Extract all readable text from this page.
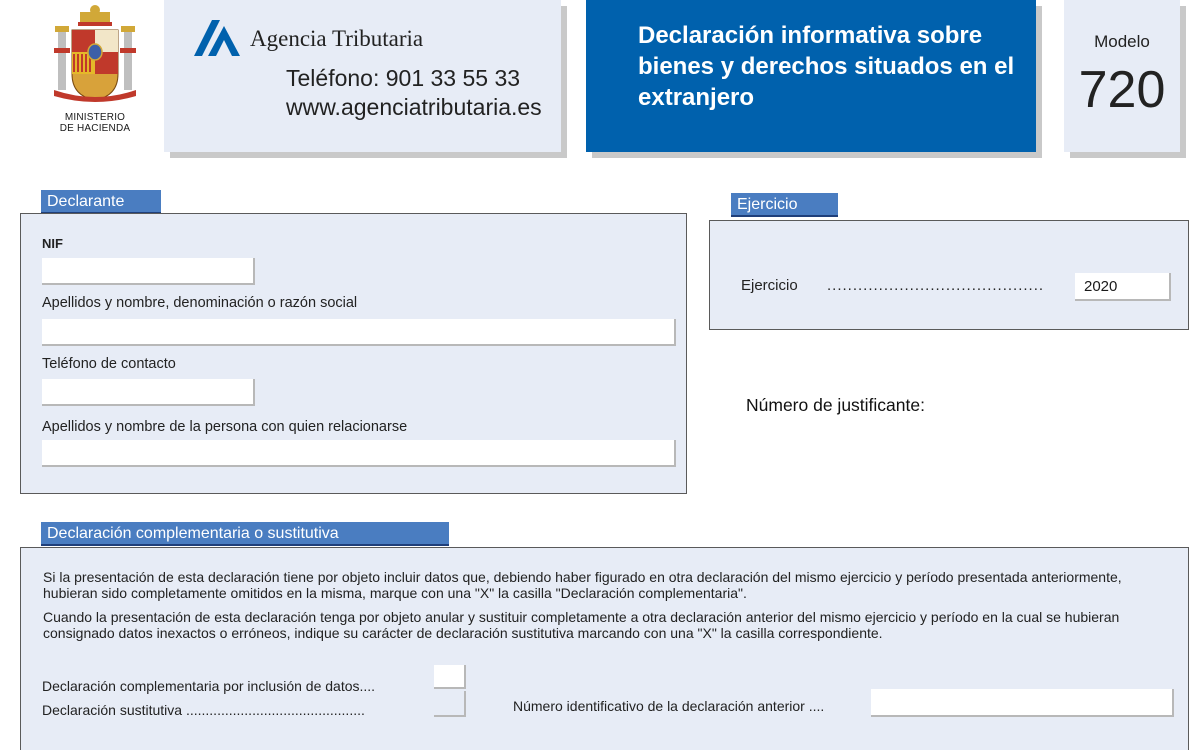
MINISTERIO
DE HACIENDA
Agencia Tributaria
Teléfono: 901 33 55 33
www.agenciatributaria.es
Declaración informativa sobre bienes y derechos situados en el extranjero
Modelo
720
Declarante
NIF
Apellidos y nombre, denominación o razón social
Teléfono de contacto
Apellidos y nombre de la persona con quien relacionarse
Ejercicio
Ejercicio ..........................................	2020
Número de justificante:
Declaración complementaria o sustitutiva
Si la presentación de esta declaración tiene por objeto incluir datos que, debiendo haber figurado en otra declaración del mismo ejercicio y período presentada anteriormente, hubieran sido completamente omitidos en la misma, marque con una "X" la casilla "Declaración complementaria".
Cuando la presentación de esta declaración tenga por objeto anular y sustituir completamente a otra declaración anterior del mismo ejercicio y período en la cual se hubieran consignado datos inexactos o erróneos, indique su carácter de declaración sustitutiva marcando con una "X" la casilla correspondiente.
Declaración complementaria por inclusión de datos....
Declaración sustitutiva ..............................................	Número identificativo de la declaración anterior ....
